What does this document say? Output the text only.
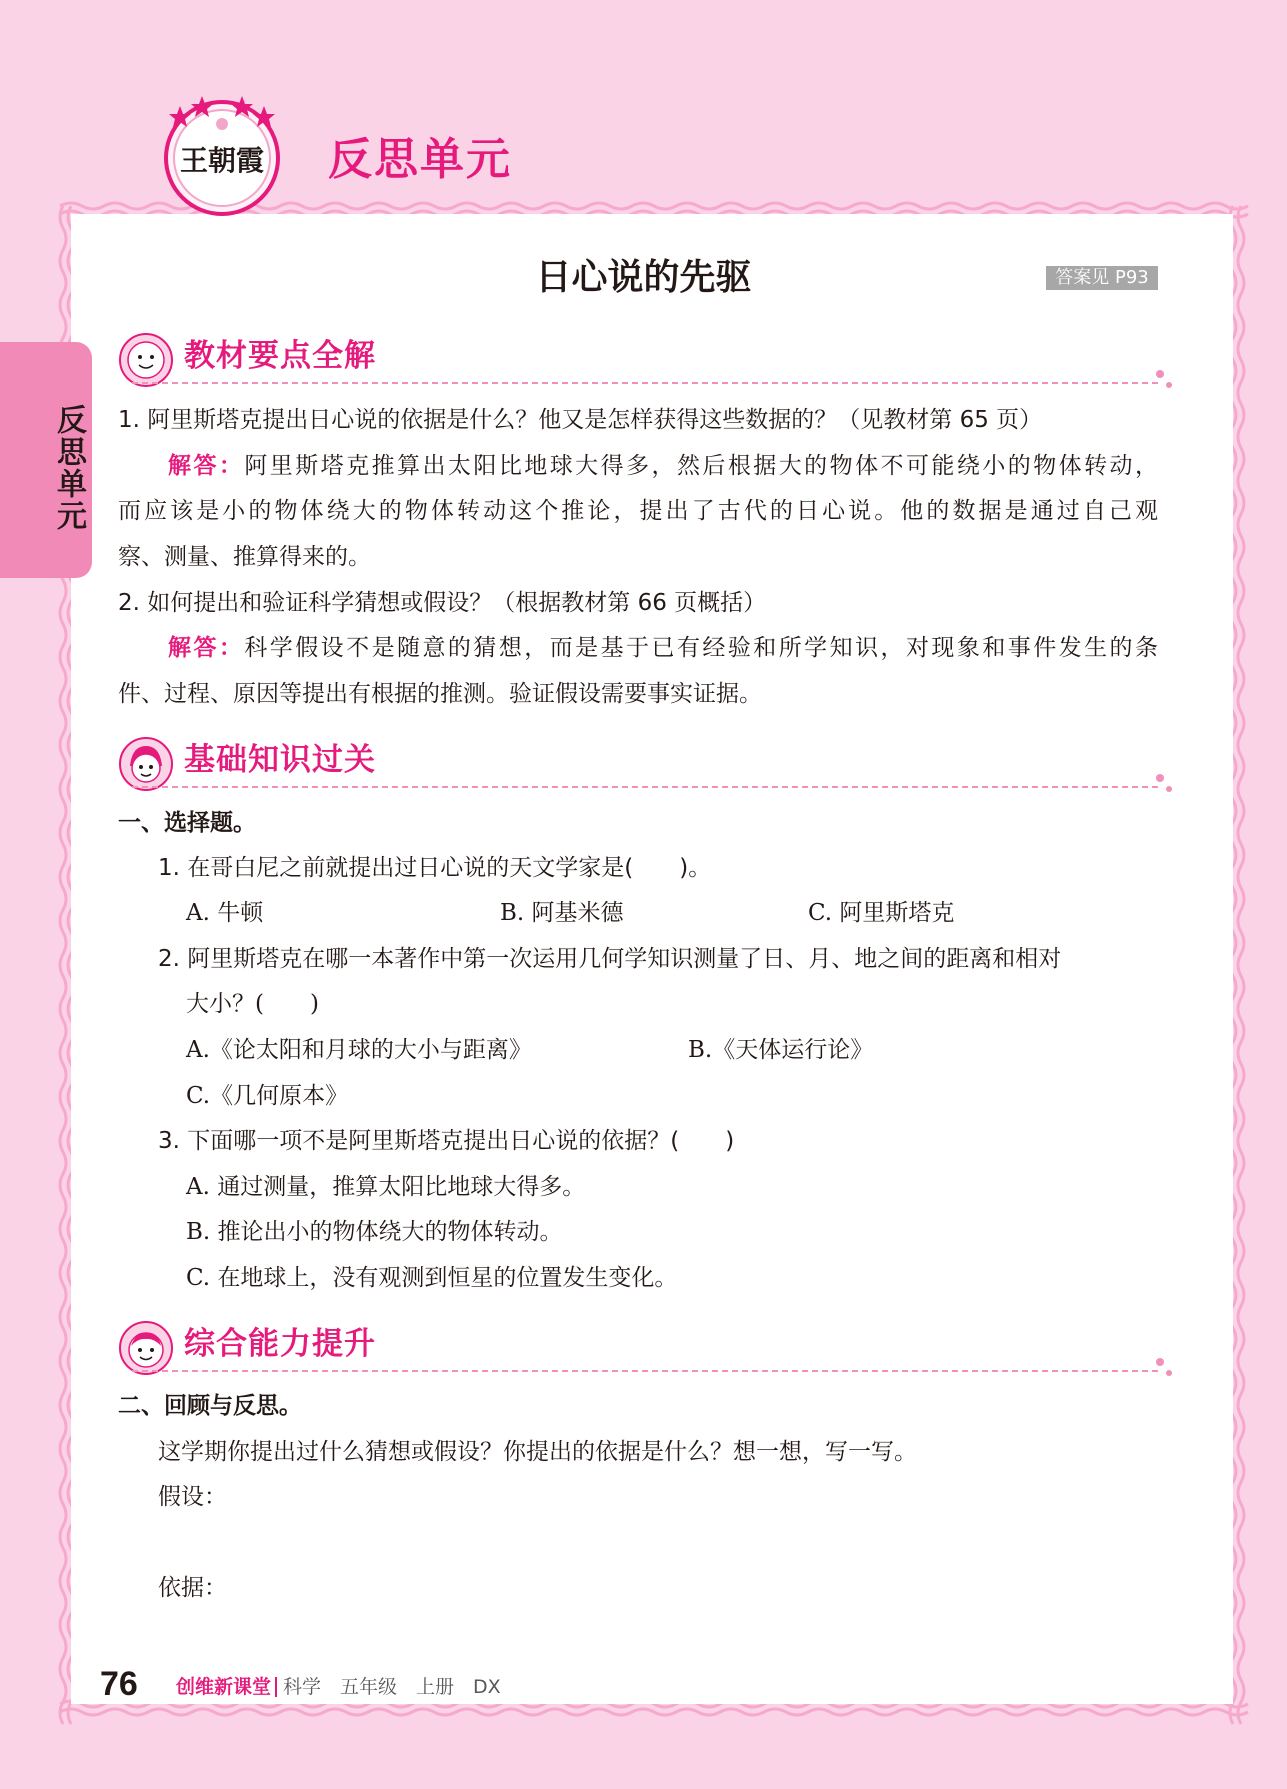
王朝霞 反思单元
反思单元
日心说的先驱	答案见 P93
教材要点全解
1. 阿里斯塔克提出日心说的依据是什么？他又是怎样获得这些数据的？（见教材第 65 页）
解答：阿里斯塔克推算出太阳比地球大得多，然后根据大的物体不可能绕小的物体转动，
而应该是小的物体绕大的物体转动这个推论，提出了古代的日心说。他的数据是通过自己观
察、测量、推算得来的。
2. 如何提出和验证科学猜想或假设？（根据教材第 66 页概括）
解答：科学假设不是随意的猜想，而是基于已有经验和所学知识，对现象和事件发生的条
件、过程、原因等提出有根据的推测。验证假设需要事实证据。
基础知识过关
一、选择题。
1. 在哥白尼之前就提出过日心说的天文学家是(　　)。
A. 牛顿	B. 阿基米德	C. 阿里斯塔克
2. 阿里斯塔克在哪一本著作中第一次运用几何学知识测量了日、月、地之间的距离和相对
大小？(　　)
A.《论太阳和月球的大小与距离》	B.《天体运行论》
C.《几何原本》
3. 下面哪一项不是阿里斯塔克提出日心说的依据？(　　)
A. 通过测量，推算太阳比地球大得多。
B. 推论出小的物体绕大的物体转动。
C. 在地球上，没有观测到恒星的位置发生变化。
综合能力提升
二、回顾与反思。
这学期你提出过什么猜想或假设？你提出的依据是什么？想一想，写一写。
假设：
依据：
76 创维新课堂 科学　五年级　上册　DX
